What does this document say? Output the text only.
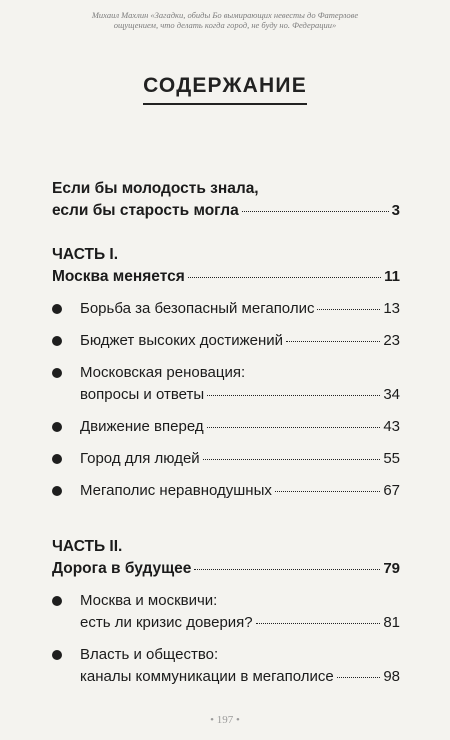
Михаил Махлин «Загадки, обиды Бо вымирающих невесты до Фатерлове
ощущением, что делать когда город, не буду но. Федерации»
СОДЕРЖАНИЕ
Если бы молодость знала,
если бы старость могла	3
ЧАСТЬ I.
Москва меняется	11
Борьба за безопасный мегаполис	13
Бюджет высоких достижений	23
Московская реновация:
вопросы и ответы	34
Движение вперед	43
Город для людей	55
Мегаполис неравнодушных	67
ЧАСТЬ II.
Дорога в будущее	79
Москва и москвичи:
есть ли кризис доверия?	81
Власть и общество:
каналы коммуникации в мегаполисе	98
• 197 •
